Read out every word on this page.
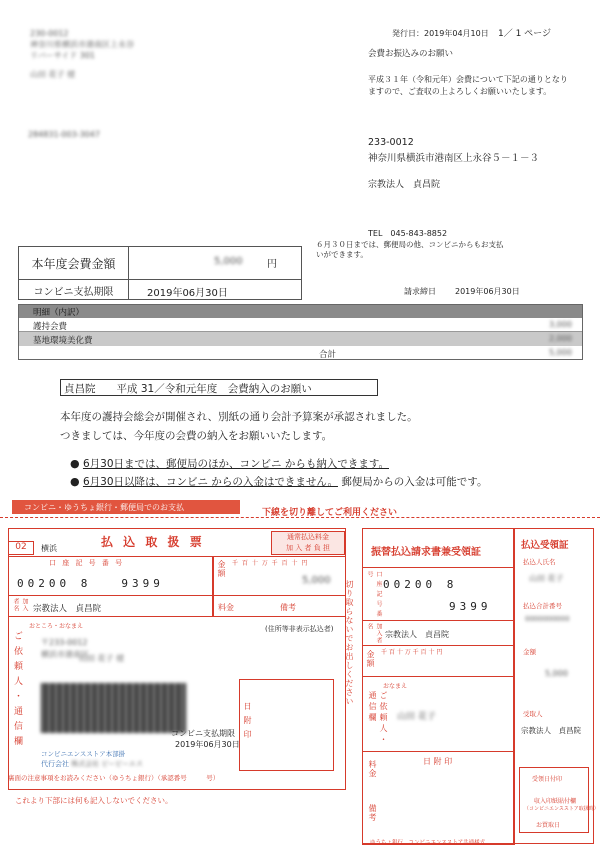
230-0012
神奈川県横浜市港南区上永谷
リバーサイド 301
山田 花子 様
284831-003-3047
発行日：2019年04月10日 1／ 1 ページ
会費お振込みのお願い
平成３１年（令和元年）会費について下記の通りとなり
ますので、ご査収の上よろしくお願いいたします。
233-0012
神奈川県横浜市港南区上永谷５－１－３
宗教法人　貞昌院
TEL　045-843-8852
６月３０日までは、郵便局の他、コンビニからもお支払
いができます。
本年度会費金額	5,000 円
コンビニ支払期限	2019年06月30日	請求締日 2019年06月30日
明細（内訳）
護持会費	3,000
墓地環境美化費	2,000
合計	5,000
貞昌院　　平成 31／令和元年度　会費納入のお願い
本年度の護持会総会が開催され、別紙の通り会計予算案が承認されました。
つきましては、今年度の会費の納入をお願いいたします。
● 6月30日までは、郵便局のほか、コンビニ からも納入できます。
● 6月30日以降は、コンビニ からの入金はできません。 郵便局からの入金は可能です。
コンビニ・ゆうちょ銀行・郵便局でのお支払
下線を切り離してご利用ください
02	横浜	払 込 取 扱 票	通常払込料金
加 入 者 負 担
口 座 記 号 番 号
00200 8　　9399
金額 千 百 十 万 千 百 十 円
5,000
加入者名	宗教法人　貞昌院	料金	備考
(住所等非表示払込者)
おところ・おなまえ
ご依頼人・通信欄 〒233-0012
横浜市港南区
山田 花子 様
コンビニエンスストア本部掛
代行会社 株式会社 ビービーエス
コンビニ支払期限
2019年06月30日
日附印
裏面の注意事項をお読みください（ゆうちょ銀行）（承認番号　　　号）
これより下部には何も記入しないでください。
切り取らないでお出しください
振替払込請求書兼受領証
口 座 記 号 番 号
00200 8
9399
加入者名
宗教法人　貞昌院
金額 千 百 十 万 千 百 十 円
おなまえ
ご依頼人・通信欄	山田 花子
料金
備考
日 附 印
払込受領証
払込人氏名
山田 花子
払込合計番号
0000000000
金額
5,000
受取人
宗教法人　貞昌院
受領日付印
収入印紙貼付欄
（コンビニエンスストア取扱時）
お買取日
ゆうちょ銀行、コンビニエンスストア共通様式
